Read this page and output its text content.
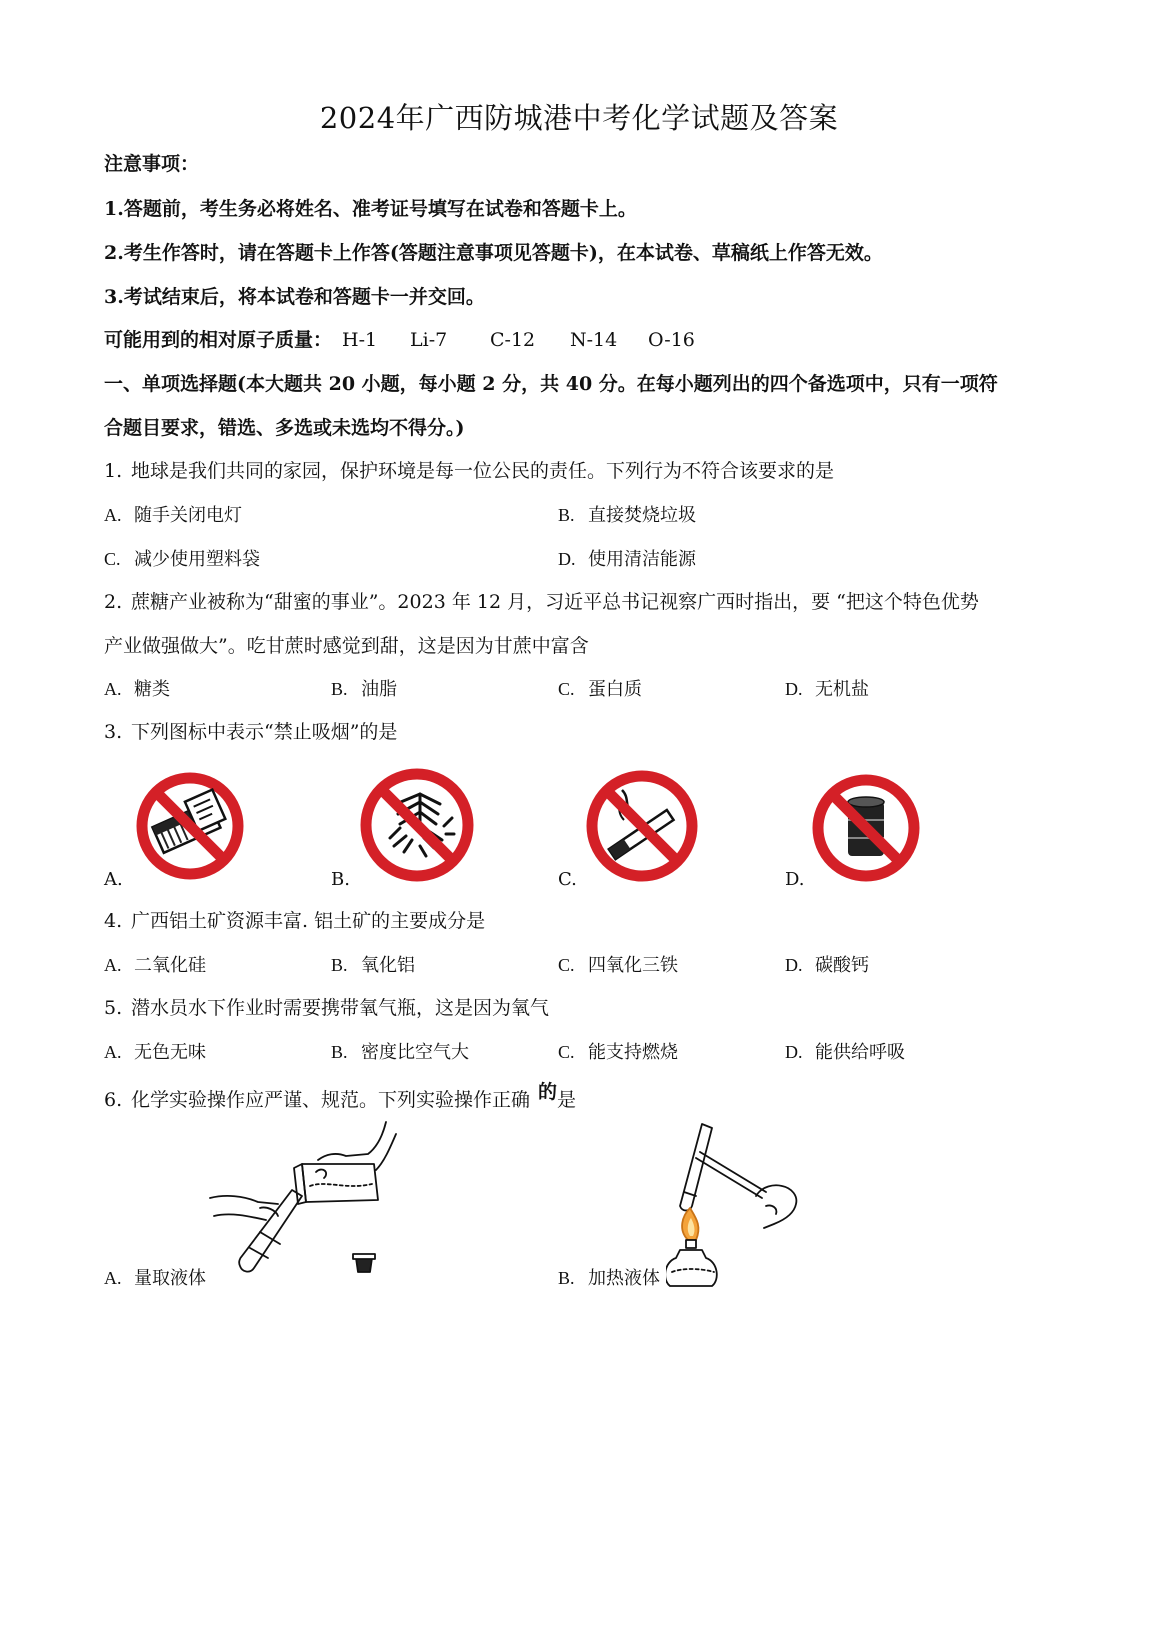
2024年广西防城港中考化学试题及答案
注意事项：
1.答题前，考生务必将姓名、准考证号填写在试卷和答题卡上。
2.考生作答时，请在答题卡上作答(答题注意事项见答题卡)，在本试卷、草稿纸上作答无效。
3.考试结束后，将本试卷和答题卡一并交回。
可能用到的相对原子质量： H-1 Li-7 C-12 N-14 O-16
一、单项选择题(本大题共 20 小题，每小题 2 分，共 40 分。在每小题列出的四个备选项中，只有一项符
合题目要求，错选、多选或未选均不得分。)
1. 地球是我们共同的家园，保护环境是每一位公民的责任。下列行为不符合该要求的是
A. 随手关闭电灯	B. 直接焚烧垃圾
C. 减少使用塑料袋	D. 使用清洁能源
2. 蔗糖产业被称为“甜蜜的事业”。2023 年 12 月，习近平总书记视察广西时指出，要 “把这个特色优势
产业做强做大”。吃甘蔗时感觉到甜，这是因为甘蔗中富含
A. 糖类	B. 油脂	C. 蛋白质	D. 无机盐
3. 下列图标中表示“禁止吸烟”的是
A.	B.	C.	D.
4. 广西铝土矿资源丰富. 铝土矿的主要成分是
A. 二氧化硅	B. 氧化铝	C. 四氧化三铁	D. 碳酸钙
5. 潜水员水下作业时需要携带氧气瓶，这是因为氧气
A. 无色无味	B. 密度比空气大	C. 能支持燃烧	D. 能供给呼吸
6. 化学实验操作应严谨、规范。下列实验操作正确 的是
A. 量取液体	B. 加热液体
